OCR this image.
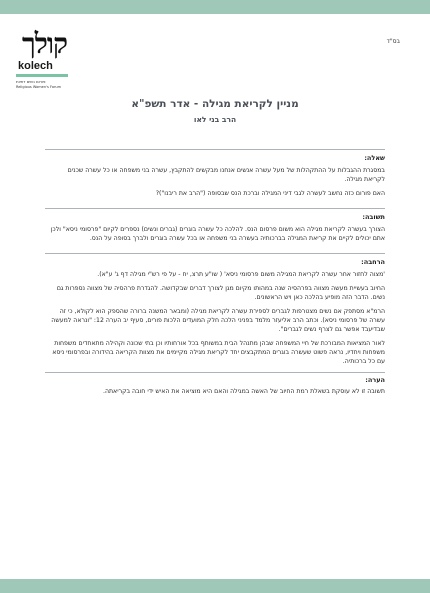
קולך
kolech
פורום נשים דתיות
Religious Women's Forum
בס"ד

מניין לקריאת מגילה - אדר תשפ"א

הרב בני לאו

שאלה:

במסגרת ההגבלות על ההתקהלות של מעל עשרה אנשים אנחנו מבקשים להתקבץ, עשרה בני משפחה או כל עשרה שכנים לקריאת מגילה.

האם פורום כזה נחשב לעשרה לגבי דיני המגילה וברכת הנס שבסופה ("הרב את ריבנו")?

תשובה:

הצורך בעשרה לקריאת מגילה הוא משום פרסום הנס. להלכה כל עשרה בוגרים (גברים ונשים) נספרים לקיום "פרסומי ניסא" ולכן אתם יכולים לקיים את קריאת המגילה בברכותיה בעשרה בני משפחה או בכל עשרה בוגרים ולברך בסופה על הנס.

הרחבה:

'מצוה לחזור אחר עשרה לקריאת המגילה משום פרסומי ניסא' ( שו"ע תרצ, יח - על פי רש"י מגילה דף ג' ע"א).

החיוב בעשיית מעשה מצווה בפרהסיה שנה במהותו מקיום מגן לצורך דברים שבקדושה. להגדרת פרהסיה של מצווה נספרות גם נשים. הדבר הזה מופיע בהלכה כאן ויש הראשונים.

הרמ"א מסתפק אם נשים מצטרפות לגברים לספירת עשרה לקריאת מגילה (ומבאר המשנה ברורה שהספק הוא לקולא, כי זה עשרה של פרסומי ניסא). וכתב הרב אליעזר מלמד בפניני הלכה חלק המועדים הלכות פורים, סעיף יב הערה 12: "ונראה למעשה שבדיעבד אפשר גם לצרף נשים לגברים".

לאור המציאות המבורכת של חיי המשפחה שבהן מתנהל הבית במשותף בכל אורחותיו וכן בתי שכונה וקהילה מתאחדים משפחות משפחות ויחדיו, נראה פשוט שעשרה בוגרים המתקבצים יחד לקריאת מגילה מקיימים את מצוות הקריאה בהידורה ובפרסומי ניסא עם כל ברכותיה.

הערה:

תשובה זו לא עוסקת בשאלת רמת החיוב של האשה במגילה והאם היא מוציאה את האיש ידי חובה בקריאתה.
